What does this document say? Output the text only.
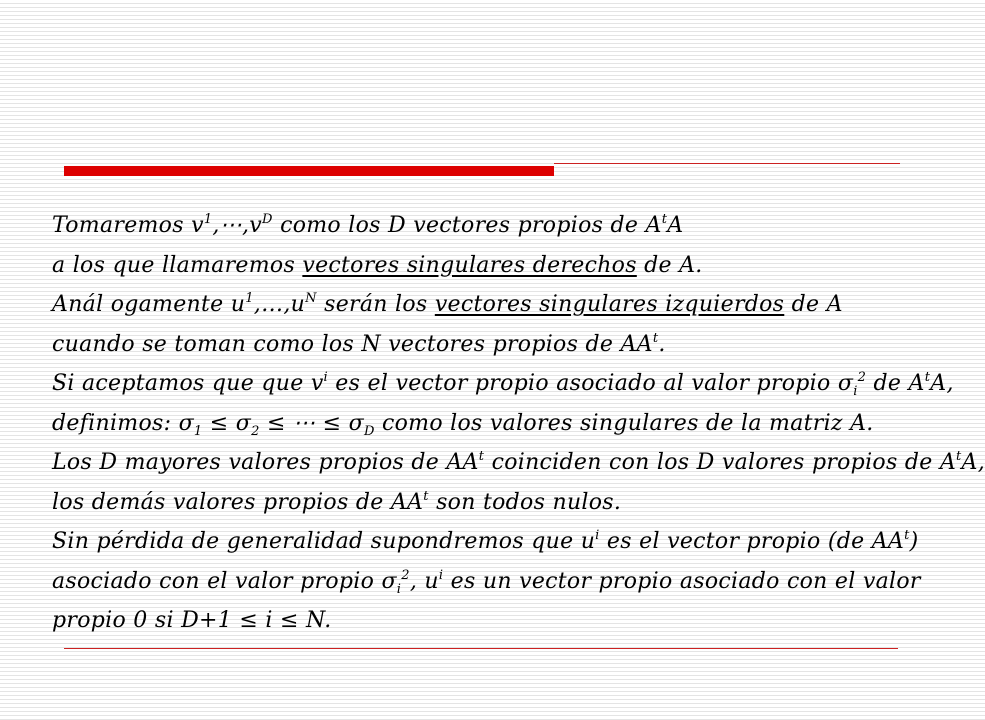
Tomaremos $v^1,\cdots,v^D$ como los D vectores propios de $A^tA$
a los que llamaremos vectores singulares derechos de A.
Anál ogamente $u^1,\dots,u^N$ serán los vectores singulares izquierdos de A
cuando se toman como los N vectores propios de $AA^t$.
Si aceptamos que que $v^i$ es el vector propio asociado al valor propio $\sigma_i^2$ de $A^tA$,
definimos: $\sigma_1 \le \sigma_2$ ≤ ⋯ ≤ $\sigma_D$ como los valores singulares de la matriz A.
Los D mayores valores propios de $AA^t$ coinciden con los D valores propios de $A^tA$,
los demás valores propios de $AA^t$ son todos nulos.
Sin pérdida de generalidad supondremos que $u^i$ es el vector propio (de $AA^t$)
asociado con el valor propio $\sigma_i^2$, $u^i$ es un vector propio asociado con el valor
propio 0 si D+1 ≤ i ≤ N.
